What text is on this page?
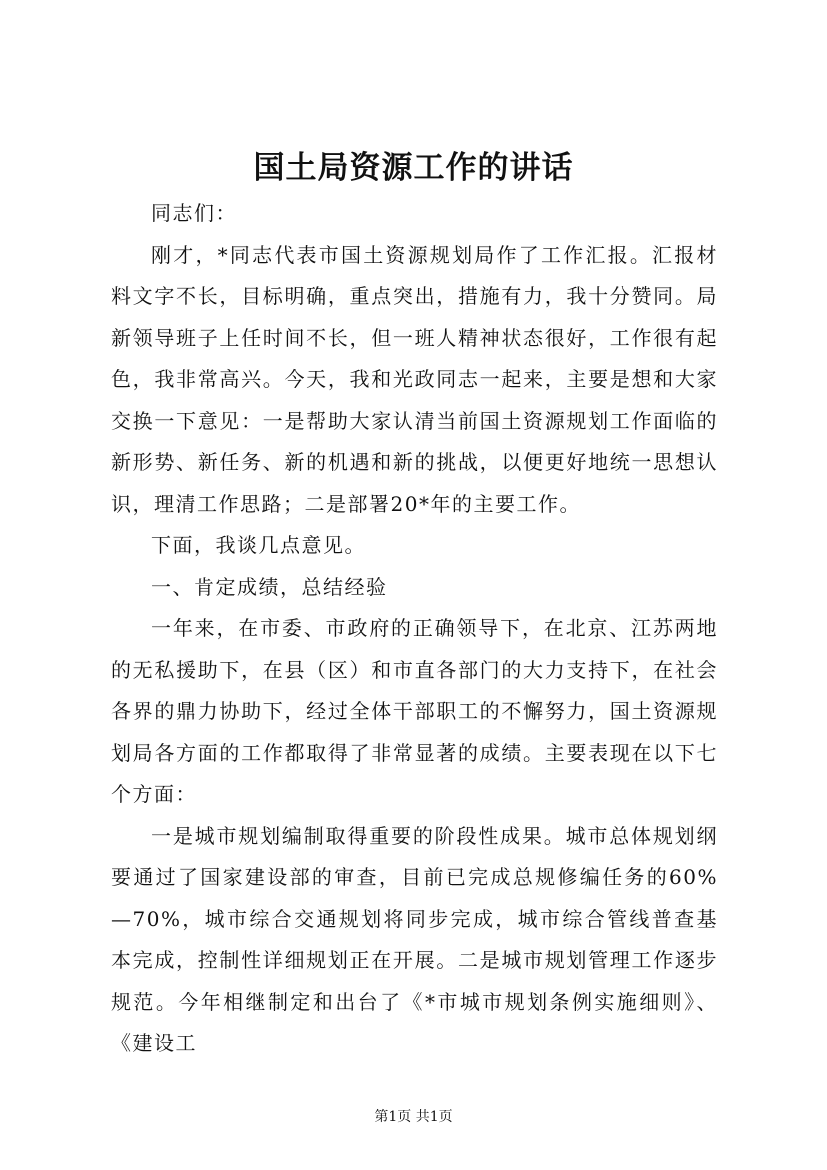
国土局资源工作的讲话

同志们：

刚才，*同志代表市国土资源规划局作了工作汇报。汇报材料文字不长，目标明确，重点突出，措施有力，我十分赞同。局新领导班子上任时间不长，但一班人精神状态很好，工作很有起色，我非常高兴。今天，我和光政同志一起来，主要是想和大家交换一下意见：一是帮助大家认清当前国土资源规划工作面临的新形势、新任务、新的机遇和新的挑战，以便更好地统一思想认识，理清工作思路；二是部署20*年的主要工作。

下面，我谈几点意见。

一、肯定成绩，总结经验

一年来，在市委、市政府的正确领导下，在北京、江苏两地的无私援助下，在县（区）和市直各部门的大力支持下，在社会各界的鼎力协助下，经过全体干部职工的不懈努力，国土资源规划局各方面的工作都取得了非常显著的成绩。主要表现在以下七个方面：

一是城市规划编制取得重要的阶段性成果。城市总体规划纲要通过了国家建设部的审查，目前已完成总规修编任务的60%—70%，城市综合交通规划将同步完成，城市综合管线普查基本完成，控制性详细规划正在开展。二是城市规划管理工作逐步规范。今年相继制定和出台了《*市城市规划条例实施细则》、《建设工

第1页 共1页
